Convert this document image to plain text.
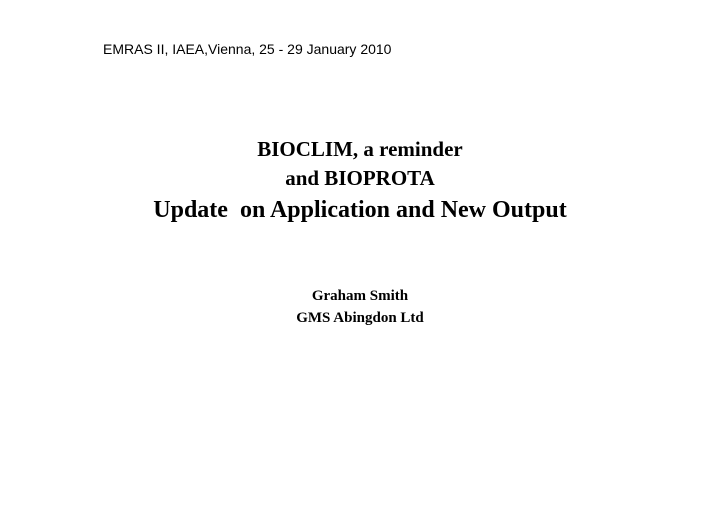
EMRAS II, IAEA,Vienna, 25 - 29 January 2010
BIOCLIM, a reminder
and BIOPROTA
Update  on Application and New Output
Graham Smith
GMS Abingdon Ltd
